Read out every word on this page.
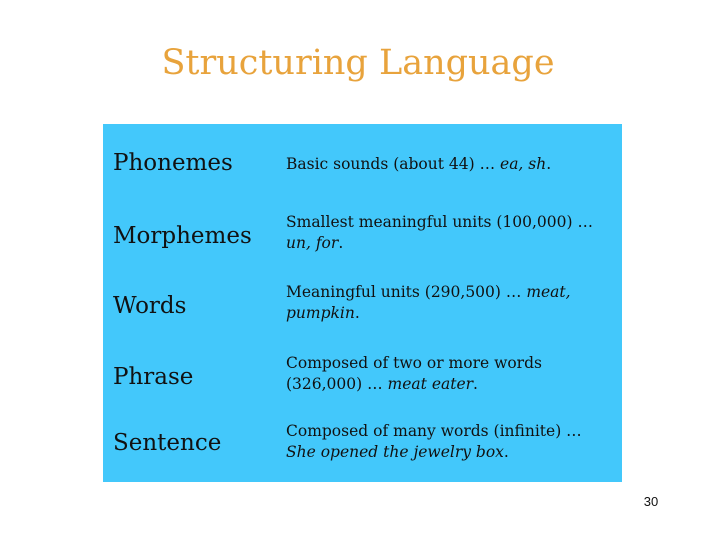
Structuring Language
Phonemes	Basic sounds (about 44) … ea, sh.
Morphemes
Smallest meaningful units (100,000) … un, for.
Words
Meaningful units (290,500) … meat, pumpkin.
Phrase
Composed of two or more words (326,000) … meat eater.
Sentence	Composed of many words (infinite) … She opened the jewelry box.
30
